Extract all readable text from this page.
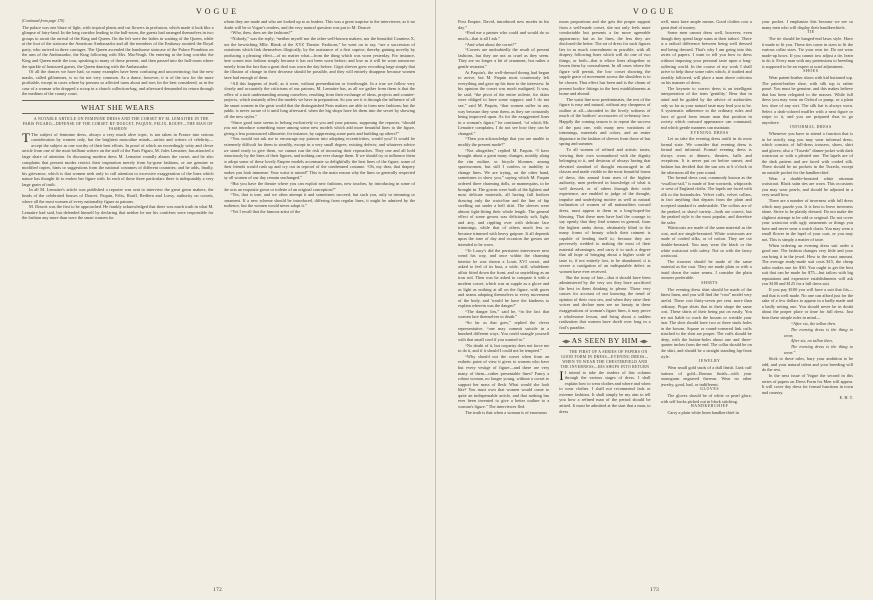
VOGUE

(Continued from page 170)

The palace was one blaze of light, with tropical plants and cut flowers in profusion, which made it look like a glimpse of fairy-land. In the long corridor leading to the ball-room, the guests had arranged themselves in two groups to await the arrival of the King and Queen. On the left were the ladies in waiting of the Queen, while at the foot of the staircase the American Ambassador and all the members of the Embassy awaited the Royal party, who arrived in three carriages. The Queen ascended the handsome staircase of the Palace Piombino on the arm of the Ambassador, the King following with Mrs. MacVeagh. On entering at the long corridor the King and Queen made the tour, speaking to many of those present, and then passed into the ball-room where the sparkle of honoured guests, the Queen dancing with the Ambassador.

Of all the dances we have had, so many examples have been confusing and unconvincing; but the new masks, called gilfommes, is so far not very common. As a dance, however, it is of the two for the more profitable, except in cases where by persons so affected turns about and toes for the best considered, as in the case of a woman who dropped a scoop in a church collection-bag, and afterward demanded its return through the medium of the county court.

WHAT SHE WEARS

A NOTABLE ARTICLE ON FEMININE DRESS AND THE CORSET BY M. LEMAITRE IN THE PARIS FIGARO—DEFENSE OF THE CORSET BY DOUCET, PAQUIN, FELIX, ROUFF—THE MAN OF FASHION

T The subject of feminine dress, always a very much alive topic, is not taken in France into serious consideration by women only, but the brightest masculine minds—artists and writers of celebrity—accept the subject as one worthy of their best efforts. In proof of which an exceedingly witty and clever article from one of the most brilliant writers on the staff of the Paris Figaro, M. Jules Lemaitre, has attracted a large share of attention. In discussing modern dress M. Lemaitre roundly abuses the corset, and he also complains that present modes restrict their inspiration merely from by-gone fashions, or are genuine or modified copies, hints or suggestions from the national costumes of different countries; and he adds, finally, his grievance, which is that women seek only to call attention to excessive exaggeration of the lines which nature has thought fit to endow her figure with. In each of these three particulars there is indisputably a very large grain of truth.

In all M. Lemaitre's article was published a reporter was sent to interview the great gown makers, the heads of the celebrated houses of Doucet, Paquin, Felix, Rouff, Redfern and Loesy, authority on corsets, where all the most women of every nationality figure as patrons.

M. Doucet was the first to be approached. He frankly acknowledged that there was much truth in what M. Lemaitre had said, but defended himself by declaring that neither he nor his confrères were responsible for the fashion any more than were the smart women for

whom they are made and who are looked up to as leaders. This was a great surprise to the interviewer, as it no doubt will be to Vogue's readers, and the very natural question was put to M. Doucet:

“Who, then, does set the fashions?”

“Nobody,” was the reply; “neither myself nor the other well-known makers, nor the beautiful Countess X, nor the bewitching Mlle. Blank of the XYZ Theatre. Fashions,” he went on to say, “are a succession of variations which link themselves illogically, by the assistance of a first caprice, thereby gaining novelty by producing a pleasing effect—of no matter what—from the thing which was worn yesterday. For instance, here comes into fashion simply because it has not been worn before; and lose as it will be worn tomorrow merely from the fact that a great deal was worn the day before. Giget sleeves grew recording large simply that the illusion of change in their decrease should be possible, and they will entirely disappear because women have had enough of them.

“All this happens of itself, as it were, without premeditation or forethought. In a true we follow very closely and accurately the criticisms of our patrons, M. Lemaitre has, as all we gather from them is that the reflex of a tacit understanding among ourselves, resulting from their exchange of ideas, projects and counter-projects, which instantly affect the models we have in preparation. So you see it is through the influence of all the smart women in the great world that the distinguished Paris makers are able to form new fashions; but the public is never aware of it until long afterward, when the big shops have let them into the secret by showing off the new styles.”

“Since good taste seems to belong exclusively to you and your patrons, supposing the reporter, “should you not introduce something more among some new models which add more beautiful lines to the figure, giving a less pronounced silhouette; for instance, by suppressing some parts and building up others?”

“You would not ask me to encourage my patrons into adopting eccentricities, would you? It would be extremely difficult for them to steadily, except in a very small degree, existing defects; and whatever advice we stand ready to give them, we cannot run the risk of incurring their reproaches. They one and all hold tenaciously by the lines of their figures, and nothing can ever change them. If we should try to influence them to adopt some of these lovely Empire models accentuate so delightfully the best lines of the figure, some of their friends would rush up and cry out in reproof of the condemned costume. ‘Oh, my dear, that drapery makes you look immense. Your waist is ruined!’ This is the main reason why the lines so generally respected by all women of our day remain unchanged.”

“But you have the theatre where you can exploit new fashions, new touches, by introducing in some of the acts an exquisite gown or toilette of an original conception?”

“Yes, that is true, and we often attempt it and sometimes succeed, but such you, only in trimming or ornament. If a new scheme should be introduced, differing from regular lines, it might be admired by the audience, but the women would never adopt it.”

“Yet I recall that the famous artist of the

172
VOGUE

First Empire, David, introduced new modes in his day.”

“Find me a painter who could and would do so much—that is all I ask.”

“And what about the corset?”

“Corsets are undoubtedly the result of present fashions, but they are not as cruel as they seem. They are no longer a bit of ornament, but rather a gentle restraint.”

At Paquin's, the well-dressed throng had begun to arrive, but M. Paquin most courteously left everything and gave up his time to the interview. In his opinion the corset was much maligned. It was, he said, “the pivot of the entire toilette, for skirts were obliged to have some support; and I do not see,” said M. Paquin, “that women suffer in any way because they wear them, as they are constantly being improved upon. As for the exaggerated lines in a woman's figure,” he continued, “of which Mr. Lemaitre complains, I do not see how they can be changed.”

“Then you acknowledge that you are unable to modify the present mode?”

“Not altogether,” replied M. Paquin. “I have brought about a great many changes, notably along the rim outline, or bicycle bloomer, among sportswomen, but still I confess to inability to change lines. We are trying, on the other hand, sometimes to show you,” saying which M. Paquin ordered three charming dolls, or mannequins, to be brought in. The gowns were built of the lightest and most delicate materials, all having full bodices drawing only the waist-line and the line of hip swelling out under a bell skirt. The sleeves were almost tight-fitting their whole length. The general effect of some gowns was deliciously soft, light, and airy, and rippling over with delicate lace trimmings, while that of others much less so because trimmed with heavy guipure. It all depends upon the tone of day and occasion the gowns are intended to be worn.

“To Loury's did the persistent interviewer next wend his way, and once within the charming interior he was shown a Louis XVI corset, and asked to feel of its bust, a wide, stiff, whalebone affair fitted down the front, and so unyielding as an iron rod. Then was he asked to compare it with a modern corset, which was as supple as a glove and as light as nothing at all on the figure, with gores and seams adapting themselves to every movement of the body, and 'would he have the kindness to explain wherein was the danger?'

“The danger lies,” said he, “in the fact that women lace themselves to death.”

“So far as that goes,” replied the clever representative, “one may commit suicide in a hundred different ways. You could strangle yourself with that small cord if you wanted to.”

“No doubt of it, but coquetry does not force me to do it, and if it should I could not be tempted.”

“Why should not the corset when from an esthetic point of view it gives to women who have but every vestige of figure—and there are very many of them—rather presentable lines? Fancy a robust woman, no longer young, without a corset to support her mass of flesh. What would she look like? You must own that women would come to quite an indispensable article, and that nothing has ever been invented to give a better outline to a woman's figure.” The interviewer fled.

The truth is that when a woman is of enormous

mous proportions and she gets the proper support from a well-made corset, she not only feels more comfortable but presents a far more agreeable appearance; but as for lines, the less they are disclosed the better. The art of dress for such figures lies in as much concealment as possible, with all drapery following lines which will do one of two things, or both—that is efface lines altogether or lessen them by concealment. In all cases where the figure will permit, the low corset showing the supple grace of movement across the shoulders is to be chosen. That effect has been and is the charm of present bodice fittings in the best establishments at home and abroad.

The waist line now predominates, the rest of the figure is easy and natural, without any cheapness of outline at all—shrouded in the lovely softness of much of the bodices' accessories of to-beauty lace. Happily the coming season is to repeat the success of the past one, with many new variations of trimmings, materials and colors, and an entire departure in the fashion of sleeves from those of last spring and summer.

To all women of refined and artistic tastes, viewing their own womanhood with the dignity belonging to it, and desirous of always having that elevated standard of thought encouraged in all classes and made visible in the most beautiful forms of dress, this annual from men of the highest authority, men preferred in knowledge of what is well dressed, or of others through their wide experience, are enabled to judge of the thought, impulse and underlying motive as well as natural inclination of women of all nationalities toward dress, must appear to them as a long-hoped-for blessing. That these men have had the courage to say openly that they find women in general, from the highest ranks down, obstinately blind to the many forms of beauty which their raiment is capable of lending itself to, because they are perversely wedded to making the most of their material advantages, and carry it to such a degree that all hope of bringing about a higher scale of taste is, if not entirely lost, to be abandoned, it is severe a castigation of an indisputable defect as women have ever received.

But the irony of fate—that it should have been administered by the very sex they have sacrificed the best in them thinking to please. Those very causes for account of not knowing the trend of opinion of their own sex, and when they raise their voices and declare men see no beauty in these exaggerations of woman's figure lines, it may prove a wholesome lesson, and bring about a sudden realization that women have dwelt over long in a fool's paradise.

AS SEEN BY HIM

THE FIRST OF A SERIES OF PAPERS ON GOOD FORM IN DRESS—EVENING DRESS—WHEN TO WEAR THE CHESTERFIELD AND THE INVERNESS—HIS SHOPS INTO RETURN

I I intend to take the readers of this column through the various stages of dress. I shall explain how to wear clothes and where and when to wear clothes. I shall not recommend fads or extreme fashions. It shall simply be my aim to tell you how a refined man of the period should be attired. It must be admitted at the start that a man, to dress

well, must have ample means. Good clothes cost a great deal of money.

Some men cannot dress well, however, even though they spend large sums at their tailors'. There is a radical difference between being well dressed and being dressed. That's why I am going into this series of papers. I want to tell you how to dress without imposing your personal taste upon a long-suffering world. In the course of my work I shall strive to help those some rules which, if studied and steadily followed, will place a man above criticism on his manner of dress.

The keynote to correct dress is an intelligent interpretation of the term 'gentility.' Bear that in mind and be guided by the advice of authorities only so far as your natural taste may lead you to be. A systematic adherence to the ordinary rules and laws of good form insure man that position in society which outward appearance can command, and which gentle manners can maintain.

EVENING DRESS

Let us take the evening dress outfit in its most formal state. We consider that evening dress is formal and informal. Formal evening dress is always worn at dinners, theatres, balls and receptions. It is never put on before sunset, and fashion has decided that the sun sets at 6 o'clock in the afternoon all the year round.

The formal dress coat, commonly known as the “swallow-tail,” is made of fine worsteds, whipcords or west of England cloths. The lapels are faced with silk to the buttonholes. Velvet cuffs, velvet collars, in fact anything that departs from the plain and accepted standard is undesirable. The collars are of the peaked, or shawl variety—both are correct, but the peaked style is the most popular, and therefore the safer.

Waistcoats are made of the same material as the coat, and are single-breasted. White waistcoats are made of corded silks, or of cotton. They are cut double-breasted. You may wear the black or the white waistcoat with safety. Not so with the fancy waistcoat.

The trousers should be made of the same material as the coat. They are made plain or with a braid down the outer seams. I consider the plain trousers preferable.

SHIRTS

The evening dress shirt should be made of the finest linen, and you will find the “cost” model very useful. These cost thirty-seven per cent. more than ordinary. Pique shirts that in their shape the same cost. These shirts of their being put on easily. You are not liable to crack the bosom or wrinkle your hair. The shirt should have two or three studs holes in the bosom. Square or round-cornered link cuffs attached to the shirt are proper. The cuffs should be deep, with the button-holes about one and three-quarter inches from the end. The collar should be on the shirt, and should be a straight standing lap-front style.

JEWELRY

Wear small gold studs of a dull finish. Link cuff buttons of gold—Roman finish—with your monogram engraved thereon. Wear no other jewelry, good, bad, or indifferent.

GLOVES

The gloves should be of white or pearl glace, with self backs picked out in black stitching.

HANDKERCHIEF

Carry a plain white linen handkerchief in

your pocket. I emphasize this because we see so many men who will display their handkerchiefs.

TIE

The tie should be hanged-end lawn style. Have it made to fit you. These ties come in sizes to fit the various collar sizes. Tie your own tie. Do not wear made-up bows. If you cannot tow adjust a tie, learn to do it. Every man with any pretensions to breeding is supposed to be an expert at scarf adjustment.

SHOES

Wear patent-leather shoes with kid buttoned top. The patent-leather shoe, with silk top is rather passé. You must be genuine, and this makes believe that has been relegated to the masses. While full dress you may wear an Oxford or pump, or a plain low shoe of any sort. The silk hat is always worn. Select a dark-colored muffler with a neat figure or stripe to it, and you are prepared thus to go anywhere.

INFORMAL DRESS

Whenever you have to attend a function that is to be strictly stag you may wear informal dress, which consists of full-dress trousers, shoes, shirt and gloves; also a “Tuxedo” dinner-jacket with dark waistcoat or with a pleated one. The lapels are of the dark pattern and are faced with corded silk. There should be no pockets in the Tuxedo, except an outside pocket for the handkerchief.

Wear a double-breasted white ottoman waistcoat. Black satin ties are worn. This occasions you may wear pearls, and should be adjusted in a very small bow.

There are a number of inverness with full dress which may puzzle you. It is best to leave inverness alone. Strive to be plainly dressed. Do not make the slightest attempt to be odd or original. Do not cover your waistcoat with ugly ornaments or things you have and never wear a watch chain. You may wear a small flower in the lapel of your coat, or you may not. This is simply a matter of taste.

When ordering an evening dress suit order a good one. The fashion changes very little and your can bring it in the jewel. How to the exact amount. The average ready-made suit costs $15, the cheap tailor makes one for $30. You ought to get the best suit that can be made for $75—but tailors with big reputations and expensive establishments will ask you $100 and $125 for a full dress suit.

If you pay $100 you will have a suit that fits—and that is well made. No one can afford just for the sake of a few dollars to appear in a badly made and a badly setting one. You should never be in doubt about the proper place or time for full dress. Just bear these simple rules in mind—

“After six, the tallon then.

The evening dress is the thing to wear,

After six, no tallon then,

The evening dress is the thing to wear.”

Stick to these rules, bury your ambition to be odd, and your natural talent and your breeding will do the rest.

In the next issue of Vogue the second in this series of papers on Dress Form for Men will appear. It will cover day dress for formal functions in town and country.

E. H. T.

173
